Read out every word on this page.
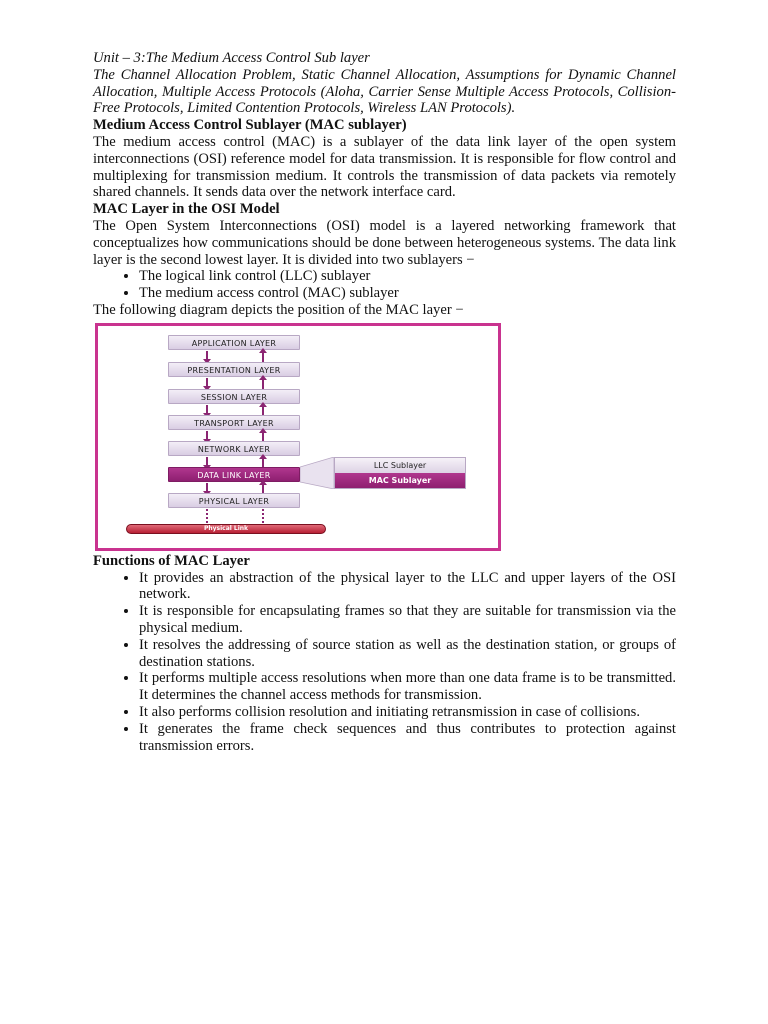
Unit – 3:The Medium Access Control Sub layer

The Channel Allocation Problem, Static Channel Allocation, Assumptions for Dynamic Channel Allocation, Multiple Access Protocols (Aloha, Carrier Sense Multiple Access Protocols, Collision-Free Protocols, Limited Contention Protocols, Wireless LAN Protocols).

Medium Access Control Sublayer (MAC sublayer)

The medium access control (MAC) is a sublayer of the data link layer of the open system interconnections (OSI) reference model for data transmission. It is responsible for flow control and multiplexing for transmission medium. It controls the transmission of data packets via remotely shared channels. It sends data over the network interface card.

MAC Layer in the OSI Model

The Open System Interconnections (OSI) model is a layered networking framework that conceptualizes how communications should be done between heterogeneous systems. The data link layer is the second lowest layer. It is divided into two sublayers −

• The logical link control (LLC) sublayer
• The medium access control (MAC) sublayer

The following diagram depicts the position of the MAC layer −

APPLICATION LAYER
PRESENTATION LAYER
SESSION LAYER
TRANSPORT LAYER
NETWORK LAYER
DATA LINK LAYER
PHYSICAL LAYER
LLC Sublayer
MAC Sublayer
Physical Link

Functions of MAC Layer

• It provides an abstraction of the physical layer to the LLC and upper layers of the OSI network.
• It is responsible for encapsulating frames so that they are suitable for transmission via the physical medium.
• It resolves the addressing of source station as well as the destination station, or groups of destination stations.
• It performs multiple access resolutions when more than one data frame is to be transmitted. It determines the channel access methods for transmission.
• It also performs collision resolution and initiating retransmission in case of collisions.
• It generates the frame check sequences and thus contributes to protection against transmission errors.
